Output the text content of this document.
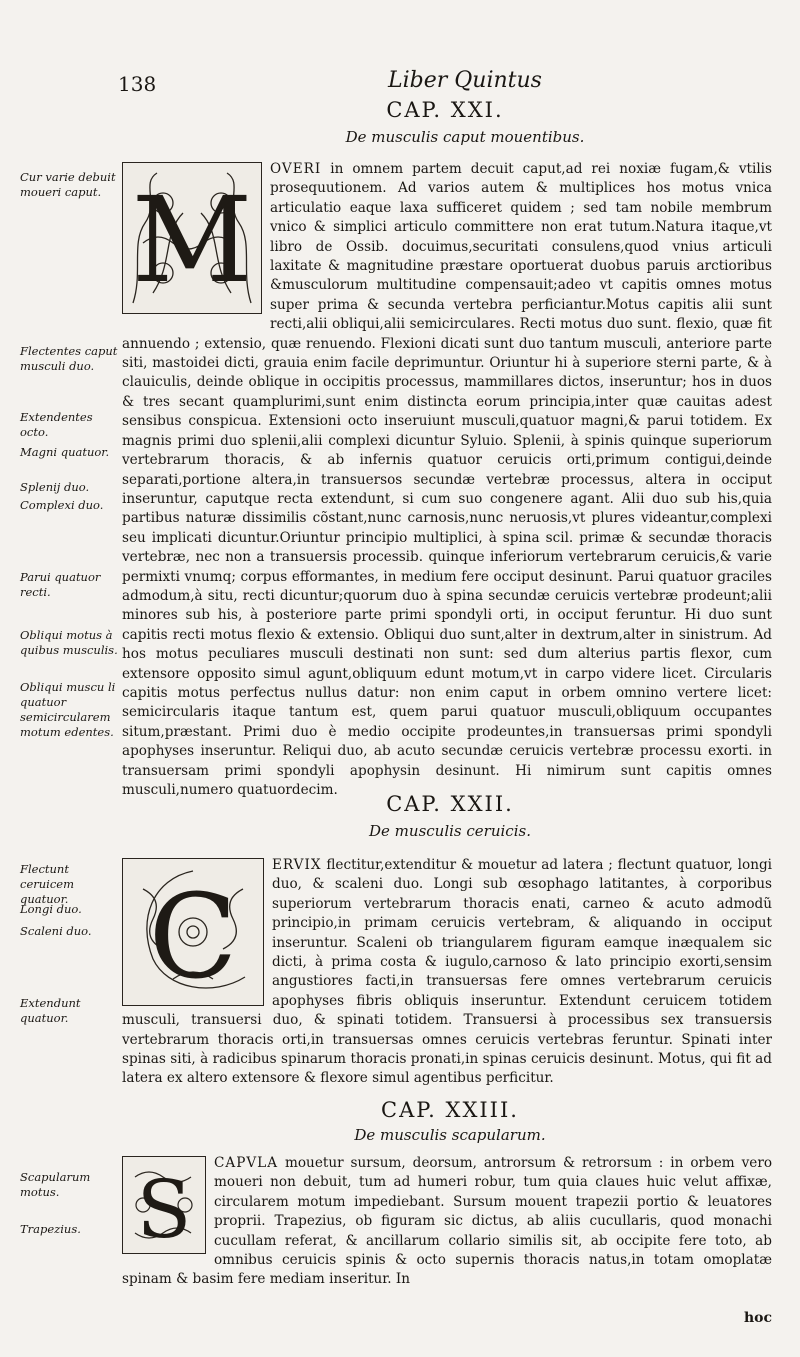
138	Liber Quintus
CAP. XXI.
De musculis caput mouentibus.
Cur varie debuit moueri caput.
Flectentes caput musculi duo.
Extendentes octo.
Magni quatuor.
Splenij duo.
Complexi duo.
Parui quatuor recti.
Obliqui motus à quibus musculis.
Obliqui muscu li quatuor semicircularem motum edentes.
M

OVERI in omnem partem decuit caput,ad rei noxiæ fugam,& vtilis prosequutionem. Ad varios autem & multiplices hos motus vnica articulatio eaque laxa sufficeret quidem ; sed tam nobile membrum vnico & simplici articulo committere non erat tutum.Natura itaque,vt libro de Ossib. docuimus,securitati consulens,quod vnius articuli laxitate & magnitudine præstare oportuerat duobus paruis arctioribus &musculorum multitudine compensauit;adeo vt capitis omnes motus super prima & secunda vertebra perficiantur.Motus capitis alii sunt recti,alii obliqui,alii semicirculares. Recti motus duo sunt. flexio, quæ fit annuendo ; extensio, quæ renuendo. Flexioni dicati sunt duo tantum musculi, anteriore parte siti, mastoidei dicti, grauia enim facile deprimuntur. Oriuntur hi à superiore sterni parte, & à clauiculis, deinde oblique in occipitis processus, mammillares dictos, inseruntur; hos in duos & tres secant quamplurimi,sunt enim distincta eorum principia,inter quæ cauitas adest sensibus conspicua. Extensioni octo inseruiunt musculi,quatuor magni,& parui totidem. Ex magnis primi duo splenii,alii complexi dicuntur Syluio. Splenii, à spinis quinque superiorum vertebrarum thoracis, & ab infernis quatuor ceruicis orti,primum contigui,deinde separati,portione altera,in transuersos secundæ vertebræ processus, altera in occiput inseruntur, caputque recta extendunt, si cum suo congenere agant. Alii duo sub his,quia partibus naturæ dissimilis cõstant,nunc carnosis,nunc neruosis,vt plures videantur,complexi seu implicati dicuntur.Oriuntur principio multiplici, à spina scil. primæ & secundæ thoracis vertebræ, nec non a transuersis processib. quinque inferiorum vertebrarum ceruicis,& varie permixti vnumq; corpus efformantes, in medium fere occiput desinunt. Parui quatuor graciles admodum,à situ, recti dicuntur;quorum duo à spina secundæ ceruicis vertebræ prodeunt;alii minores sub his, à posteriore parte primi spondyli orti, in occiput feruntur. Hi duo sunt capitis recti motus flexio & extensio. Obliqui duo sunt,alter in dextrum,alter in sinistrum. Ad hos motus peculiares musculi destinati non sunt: sed dum alterius partis flexor, cum extensore opposito simul agunt,obliquum edunt motum,vt in carpo videre licet. Circularis capitis motus perfectus nullus datur: non enim caput in orbem omnino vertere licet: semicircularis itaque tantum est, quem parui quatuor musculi,obliquum occupantes situm,præstant. Primi duo è medio occipite prodeuntes,in transuersas primi spondyli apophyses inseruntur. Reliqui duo, ab acuto secundæ ceruicis vertebræ processu exorti. in transuersam primi spondyli apophysin desinunt. Hi nimirum sunt capitis omnes musculi,numero quatuordecim.

CAP. XXII.
De musculis ceruicis.
Flectunt ceruicem quatuor.
Longi duo.
Scaleni duo.
Extendunt quatuor.
C

ERVIX flectitur,extenditur & mouetur ad latera ; flectunt quatuor, longi duo, & scaleni duo. Longi sub œsophago latitantes, à corporibus superiorum vertebrarum thoracis enati, carneo & acuto admodũ principio,in primam ceruicis vertebram, & aliquando in occiput inseruntur. Scaleni ob triangularem figuram eamque inæqualem sic dicti, à prima costa & iugulo,carnoso & lato principio exorti,sensim angustiores facti,in transuersas fere omnes vertebrarum ceruicis apophyses fibris obliquis inseruntur. Extendunt ceruicem totidem musculi, transuersi duo, & spinati totidem. Transuersi à processibus sex transuersis vertebrarum thoracis orti,in transuersas omnes ceruicis vertebras feruntur. Spinati inter spinas siti, à radicibus spinarum thoracis pronati,in spinas ceruicis desinunt. Motus, qui fit ad latera ex altero extensore & flexore simul agentibus perficitur.

CAP. XXIII.
De musculis scapularum.
Scapularum motus.
Trapezius. S	CAPVLA mouetur sursum, deorsum, antrorsum & retrorsum : in orbem vero moueri non debuit, tum ad humeri robur, tum quia claues huic velut affixæ, circularem motum impediebant. Sursum mouent trapezii portio & leuatores proprii. Trapezius, ob figuram sic dictus, ab aliis cucullaris, quod monachi cucullam referat, & ancillarum collario similis sit, ab occipite fere toto, ab omnibus ceruicis spinis & octo supernis thoracis natus,in totam omoplatæ spinam & basim fere mediam inseritur. In

hoc
